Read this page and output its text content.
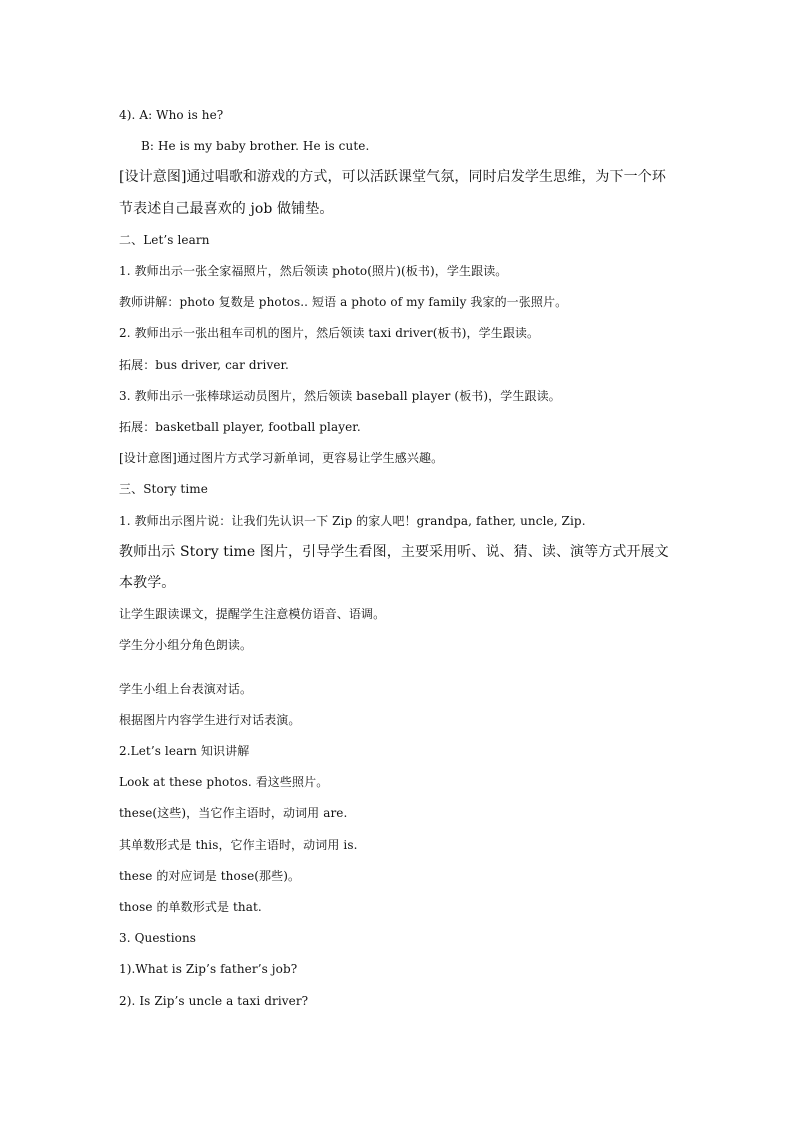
4). A: Who is he?
B: He is my baby brother. He is cute.
[设计意图]通过唱歌和游戏的方式，可以活跃课堂气氛，同时启发学生思维，为下一个环节表述自己最喜欢的 job 做铺垫。
二、Let’s learn
1. 教师出示一张全家福照片，然后领读 photo(照片)(板书)，学生跟读。
教师讲解：photo 复数是 photos.. 短语 a photo of my family 我家的一张照片。
2. 教师出示一张出租车司机的图片，然后领读 taxi driver(板书)，学生跟读。
拓展：bus driver, car driver.
3. 教师出示一张棒球运动员图片，然后领读 baseball player (板书)，学生跟读。
拓展：basketball player, football player.
[设计意图]通过图片方式学习新单词，更容易让学生感兴趣。
三、Story time
1. 教师出示图片说：让我们先认识一下 Zip 的家人吧！grandpa, father, uncle, Zip.
教师出示 Story time 图片，引导学生看图，主要采用听、说、猜、读、演等方式开展文本教学。
让学生跟读课文，提醒学生注意模仿语音、语调。
学生分小组分角色朗读。
学生小组上台表演对话。
根据图片内容学生进行对话表演。
2.Let’s learn 知识讲解
Look at these photos. 看这些照片。
these(这些)，当它作主语时，动词用 are.
其单数形式是 this，它作主语时，动词用 is.
these 的对应词是 those(那些)。
those 的单数形式是 that.
3. Questions
1).What is Zip’s father’s job?
2). Is Zip’s uncle a taxi driver?
